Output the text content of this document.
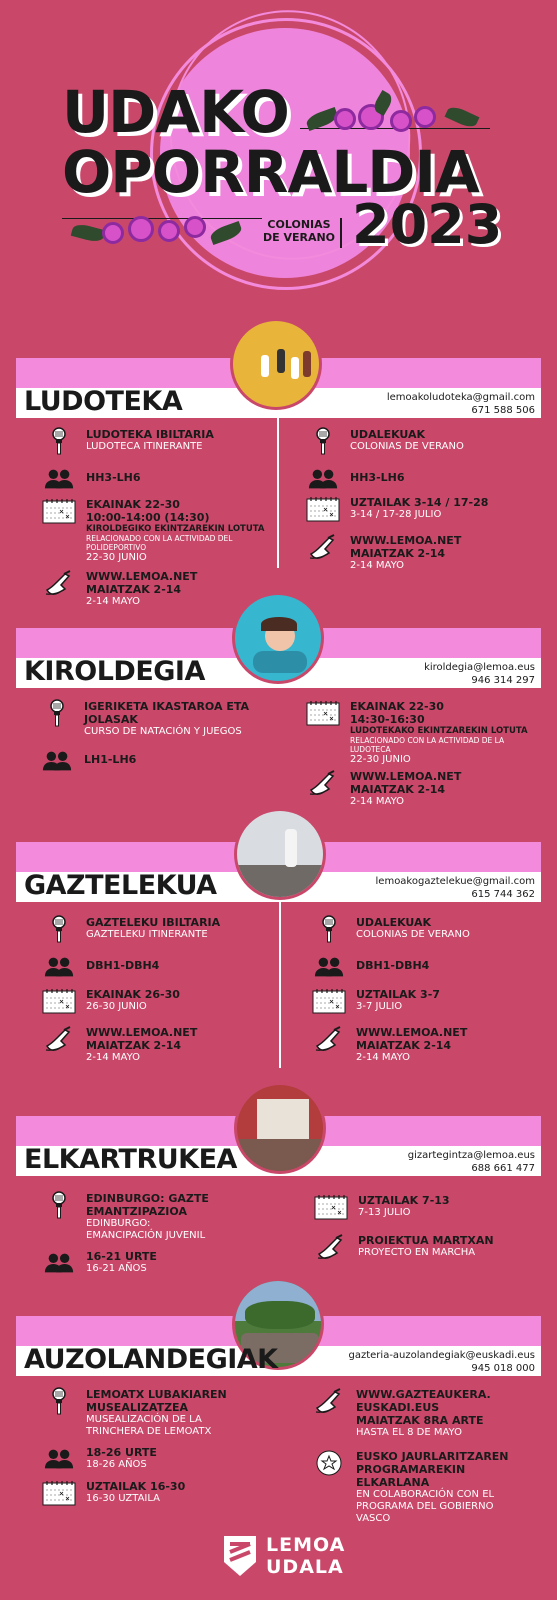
UDAKO
OPORRALDIA
COLONIAS DE VERANO 2023
LUDOTEKA	lemoakoludoteka@gmail.com
671 588 506
LUDOTEKA IBILTARIA
LUDOTECA ITINERANTE
HH3-LH6
EKAINAK 22-30
10:00-14:00 (14:30)
KIROLDEGIKO EKINTZAREKIN LOTUTA
RELACIONADO CON LA ACTIVIDAD DEL POLIDEPORTIVO
22-30 JUNIO
WWW.LEMOA.NET
MAIATZAK 2-14
2-14 MAYO
UDALEKUAK
COLONIAS DE VERANO
HH3-LH6
UZTAILAK 3-14 / 17-28
3-14 / 17-28 JULIO
WWW.LEMOA.NET
MAIATZAK 2-14
2-14 MAYO
KIROLDEGIA	kiroldegia@lemoa.eus
946 314 297
IGERIKETA IKASTAROA ETA
JOLASAK
CURSO DE NATACIÓN Y JUEGOS
LH1-LH6
EKAINAK 22-30
14:30-16:30
LUDOTEKAKO EKINTZAREKIN LOTUTA
RELACIONADO CON LA ACTIVIDAD DE LA LUDOTECA
22-30 JUNIO
WWW.LEMOA.NET
MAIATZAK 2-14
2-14 MAYO
GAZTELEKUA	lemoakogaztelekue@gmail.com
615 744 362
GAZTELEKU IBILTARIA
GAZTELEKU ITINERANTE
DBH1-DBH4
EKAINAK 26-30
26-30 JUNIO
WWW.LEMOA.NET
MAIATZAK 2-14
2-14 MAYO
UDALEKUAK
COLONIAS DE VERANO
DBH1-DBH4
UZTAILAK 3-7
3-7 JULIO
WWW.LEMOA.NET
MAIATZAK 2-14
2-14 MAYO
ELKARTRUKEA	gizartegintza@lemoa.eus
688 661 477
EDINBURGO: GAZTE
EMANTZIPAZIOA
EDINBURGO:
EMANCIPACIÓN JUVENIL
16-21 URTE
16-21 AÑOS
UZTAILAK 7-13
7-13 JULIO
PROIEKTUA MARTXAN
PROYECTO EN MARCHA
AUZOLANDEGIAK	gazteria-auzolandegiak@euskadi.eus
945 018 000
LEMOATX LUBAKIAREN
MUSEALIZATZEA
MUSEALIZACIÓN DE LA
TRINCHERA DE LEMOATX
18-26 URTE
18-26 AÑOS
UZTAILAK 16-30
16-30 UZTAILA
WWW.GAZTEAUKERA.
EUSKADI.EUS
MAIATZAK 8RA ARTE
HASTA EL 8 DE MAYO
EUSKO JAURLARITZAREN
PROGRAMAREKIN
ELKARLANA
EN COLABORACIÓN CON EL
PROGRAMA DEL GOBIERNO
VASCO
LEMOA
UDALA
